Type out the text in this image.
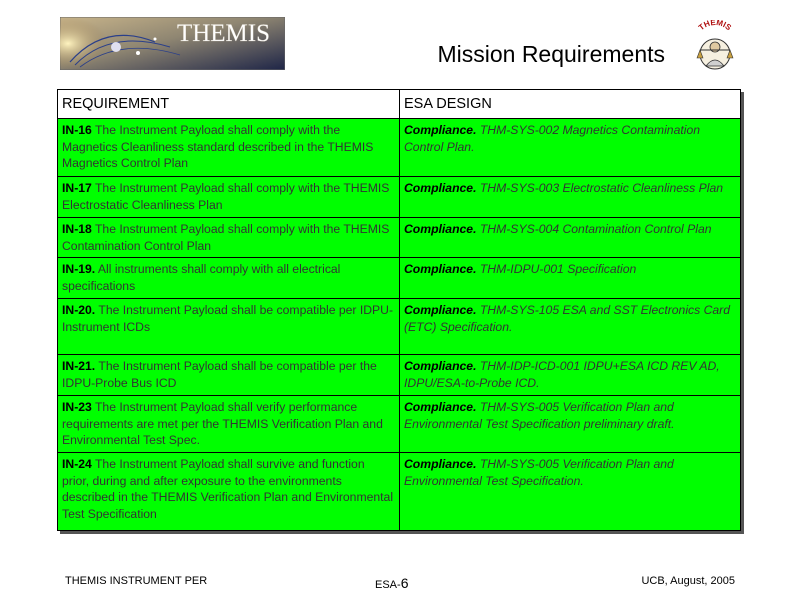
THEMIS
Mission Requirements
THEMIS
REQUIREMENT	ESA DESIGN
IN-16 The Instrument Payload shall comply with the Magnetics Cleanliness standard described in the THEMIS Magnetics Control Plan	Compliance. THM-SYS-002 Magnetics Contamination Control Plan.
IN-17 The Instrument Payload shall comply with the THEMIS Electrostatic Cleanliness Plan	Compliance. THM-SYS-003 Electrostatic Cleanliness Plan
IN-18 The Instrument Payload shall comply with the THEMIS Contamination Control Plan	Compliance. THM-SYS-004 Contamination Control Plan
IN-19. All instruments shall comply with all electrical specifications	Compliance. THM-IDPU-001 Specification
IN-20. The Instrument Payload shall be compatible per IDPU-Instrument ICDs	Compliance. THM-SYS-105 ESA and SST Electronics Card (ETC) Specification.
IN-21. The Instrument Payload shall be compatible per the IDPU-Probe Bus ICD	Compliance. THM-IDP-ICD-001 IDPU+ESA ICD REV AD, IDPU/ESA-to-Probe ICD.
IN-23 The Instrument Payload shall verify performance requirements are met per the THEMIS Verification Plan and Environmental Test Spec.	Compliance. THM-SYS-005 Verification Plan and Environmental Test Specification preliminary draft.
IN-24 The Instrument Payload shall survive and function prior, during and after exposure to the environments described in the THEMIS Verification Plan and Environmental Test Specification	Compliance. THM-SYS-005 Verification Plan and Environmental Test Specification.
THEMIS INSTRUMENT PER	ESA-6	UCB, August, 2005
